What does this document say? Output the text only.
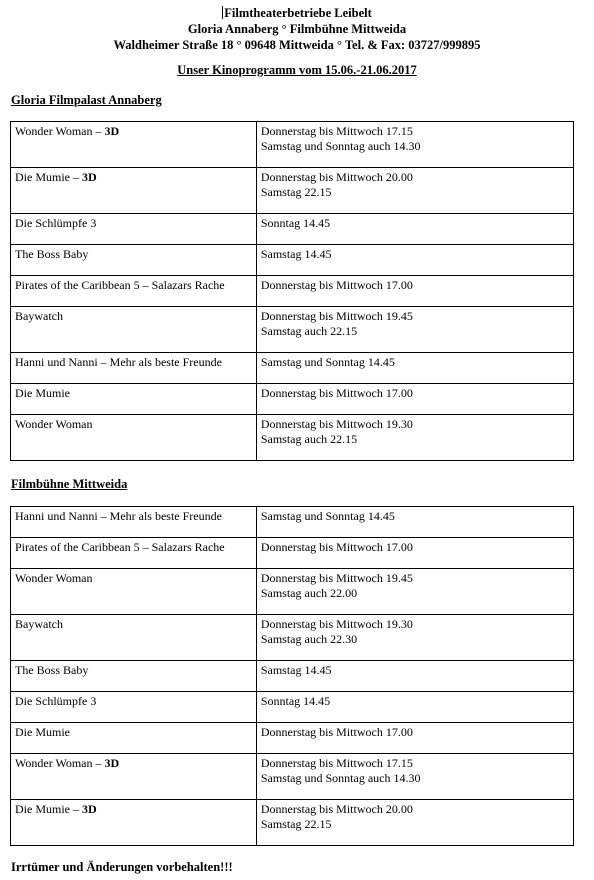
Filmtheaterbetriebe Leibelt
Gloria Annaberg ° Filmbühne Mittweida
Waldheimer Straße 18 ° 09648 Mittweida ° Tel. & Fax: 03727/999895
Unser Kinoprogramm vom 15.06.-21.06.2017
Gloria Filmpalast Annaberg
Wonder Woman – 3D	Donnerstag bis Mittwoch 17.15
Samstag und Sonntag auch 14.30

Die Mumie – 3D	Donnerstag bis Mittwoch 20.00
Samstag 22.15

Die Schlümpfe 3	Sonntag 14.45

The Boss Baby	Samstag 14.45

Pirates of the Caribbean 5 – Salazars Rache	Donnerstag bis Mittwoch 17.00

Baywatch	Donnerstag bis Mittwoch 19.45
Samstag auch 22.15

Hanni und Nanni – Mehr als beste Freunde	Samstag und Sonntag 14.45

Die Mumie	Donnerstag bis Mittwoch 17.00

Wonder Woman	Donnerstag bis Mittwoch 19.30
Samstag auch 22.15
Filmbühne Mittweida
Hanni und Nanni – Mehr als beste Freunde	Samstag und Sonntag 14.45

Pirates of the Caribbean 5 – Salazars Rache	Donnerstag bis Mittwoch 17.00

Wonder Woman	Donnerstag bis Mittwoch 19.45
Samstag auch 22.00

Baywatch	Donnerstag bis Mittwoch 19.30
Samstag auch 22.30

The Boss Baby	Samstag 14.45

Die Schlümpfe 3	Sonntag 14.45

Die Mumie	Donnerstag bis Mittwoch 17.00

Wonder Woman – 3D	Donnerstag bis Mittwoch 17.15
Samstag und Sonntag auch 14.30

Die Mumie – 3D	Donnerstag bis Mittwoch 20.00
Samstag 22.15
Irrtümer und Änderungen vorbehalten!!!
